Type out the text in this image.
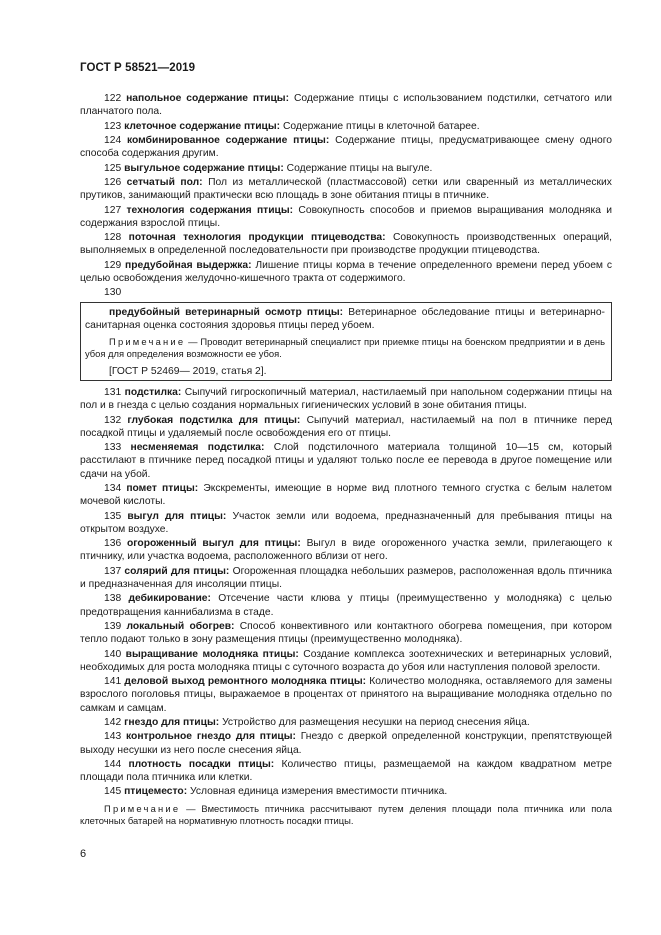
ГОСТ Р 58521—2019

122 напольное содержание птицы: Содержание птицы с использованием подстилки, сетчатого или планчатого пола.

123 клеточное содержание птицы: Содержание птицы в клеточной батарее.

124 комбинированное содержание птицы: Содержание птицы, предусматривающее смену одного способа содержания другим.

125 выгульное содержание птицы: Содержание птицы на выгуле.

126 сетчатый пол: Пол из металлической (пластмассовой) сетки или сваренный из металлических прутиков, занимающий практически всю площадь в зоне обитания птицы в птичнике.

127 технология содержания птицы: Совокупность способов и приемов выращивания молодняка и содержания взрослой птицы.

128 поточная технология продукции птицеводства: Совокупность производственных операций, выполняемых в определенной последовательности при производстве продукции птицеводства.

129 предубойная выдержка: Лишение птицы корма в течение определенного времени перед убоем с целью освобождения желудочно-кишечного тракта от содержимого.

130

предубойный ветеринарный осмотр птицы: Ветеринарное обследование птицы и ветеринарно-санитарная оценка состояния здоровья птицы перед убоем.

Примечание — Проводит ветеринарный специалист при приемке птицы на боенском предприятии и в день убоя для определения возможности ее убоя.

[ГОСТ Р 52469— 2019, статья 2].

131 подстилка: Сыпучий гигроскопичный материал, настилаемый при напольном содержании птицы на пол и в гнезда с целью создания нормальных гигиенических условий в зоне обитания птицы.

132 глубокая подстилка для птицы: Сыпучий материал, настилаемый на пол в птичнике перед посадкой птицы и удаляемый после освобождения его от птицы.

133 несменяемая подстилка: Слой подстилочного материала толщиной 10—15 см, который расстилают в птичнике перед посадкой птицы и удаляют только после ее перевода в другое помещение или сдачи на убой.

134 помет птицы: Экскременты, имеющие в норме вид плотного темного сгустка с белым налетом мочевой кислоты.

135 выгул для птицы: Участок земли или водоема, предназначенный для пребывания птицы на открытом воздухе.

136 огороженный выгул для птицы: Выгул в виде огороженного участка земли, прилегающего к птичнику, или участка водоема, расположенного вблизи от него.

137 солярий для птицы: Огороженная площадка небольших размеров, расположенная вдоль птичника и предназначенная для инсоляции птицы.

138 дебикирование: Отсечение части клюва у птицы (преимущественно у молодняка) с целью предотвращения каннибализма в стаде.

139 локальный обогрев: Способ конвективного или контактного обогрева помещения, при котором тепло подают только в зону размещения птицы (преимущественно молодняка).

140 выращивание молодняка птицы: Создание комплекса зоотехнических и ветеринарных условий, необходимых для роста молодняка птицы с суточного возраста до убоя или наступления половой зрелости.

141 деловой выход ремонтного молодняка птицы: Количество молодняка, оставляемого для замены взрослого поголовья птицы, выражаемое в процентах от принятого на выращивание молодняка отдельно по самкам и самцам.

142 гнездо для птицы: Устройство для размещения несушки на период снесения яйца.

143 контрольное гнездо для птицы: Гнездо с дверкой определенной конструкции, препятствующей выходу несушки из него после снесения яйца.

144 плотность посадки птицы: Количество птицы, размещаемой на каждом квадратном метре площади пола птичника или клетки.

145 птицеместо: Условная единица измерения вместимости птичника.

Примечание — Вместимость птичника рассчитывают путем деления площади пола птичника или пола клеточных батарей на нормативную плотность посадки птицы.

6
